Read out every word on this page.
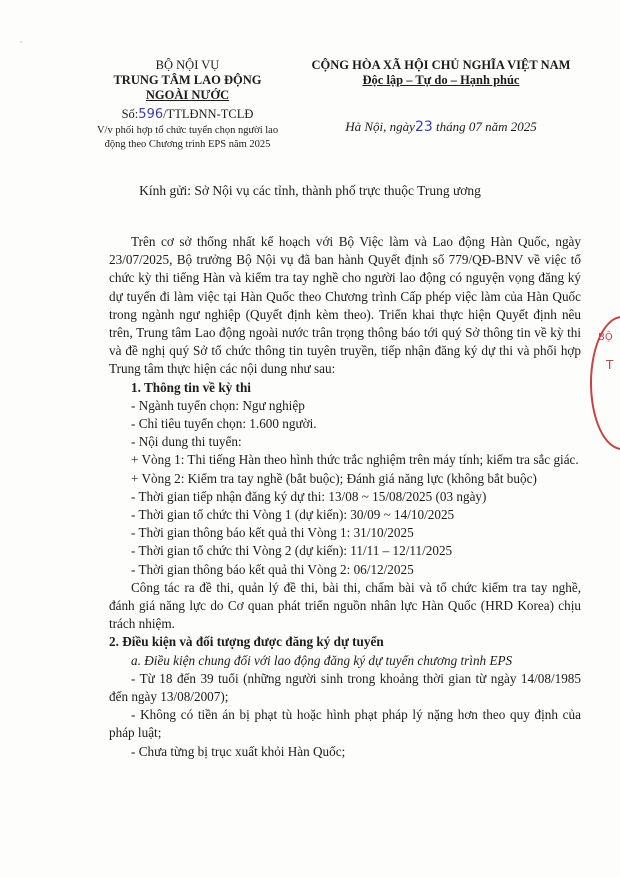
˜
BỘ NỘI VỤ
TRUNG TÂM LAO ĐỘNG
NGOÀI NƯỚC
Số:596/TTLĐNN-TCLĐ
V/v phối hợp tổ chức tuyển chọn người lao
động theo Chương trình EPS năm 2025
CỘNG HÒA XÃ HỘI CHỦ NGHĨA VIỆT NAM
Độc lập – Tự do – Hạnh phúc
Hà Nội, ngày23 tháng 07 năm 2025
Kính gửi: Sở Nội vụ các tỉnh, thành phố trực thuộc Trung ương

Trên cơ sở thống nhất kế hoạch với Bộ Việc làm và Lao động Hàn Quốc, ngày 23/07/2025, Bộ trưởng Bộ Nội vụ đã ban hành Quyết định số 779/QĐ-BNV về việc tổ chức kỳ thi tiếng Hàn và kiểm tra tay nghề cho người lao động có nguyện vọng đăng ký dự tuyển đi làm việc tại Hàn Quốc theo Chương trình Cấp phép việc làm của Hàn Quốc trong ngành ngư nghiệp (Quyết định kèm theo). Triển khai thực hiện Quyết định nêu trên, Trung tâm Lao động ngoài nước trân trọng thông báo tới quý Sở thông tin về kỳ thi và đề nghị quý Sở tổ chức thông tin tuyên truyền, tiếp nhận đăng ký dự thi và phối hợp Trung tâm thực hiện các nội dung như sau:

1. Thông tin về kỳ thi

- Ngành tuyển chọn: Ngư nghiệp

- Chỉ tiêu tuyển chọn: 1.600 người.

- Nội dung thi tuyển:

+ Vòng 1: Thi tiếng Hàn theo hình thức trắc nghiệm trên máy tính; kiểm tra sắc giác.

+ Vòng 2: Kiểm tra tay nghề (bắt buộc); Đánh giá năng lực (không bắt buộc)

- Thời gian tiếp nhận đăng ký dự thi: 13/08 ~ 15/08/2025 (03 ngày)

- Thời gian tổ chức thi Vòng 1 (dự kiến): 30/09 ~ 14/10/2025

- Thời gian thông báo kết quả thi Vòng 1: 31/10/2025

- Thời gian tổ chức thi Vòng 2 (dự kiến): 11/11 – 12/11/2025

- Thời gian thông báo kết quả thi Vòng 2: 06/12/2025

Công tác ra đề thi, quản lý đề thi, bài thi, chấm bài và tổ chức kiểm tra tay nghề, đánh giá năng lực do Cơ quan phát triển nguồn nhân lực Hàn Quốc (HRD Korea) chịu trách nhiệm.

2. Điều kiện và đối tượng được đăng ký dự tuyển

a. Điều kiện chung đối với lao động đăng ký dự tuyển chương trình EPS

- Từ 18 đến 39 tuổi (những người sinh trong khoảng thời gian từ ngày 14/08/1985 đến ngày 13/08/2007);

- Không có tiền án bị phạt tù hoặc hình phạt pháp lý nặng hơn theo quy định của pháp luật;

- Chưa từng bị trục xuất khỏi Hàn Quốc;

BỘ
T
